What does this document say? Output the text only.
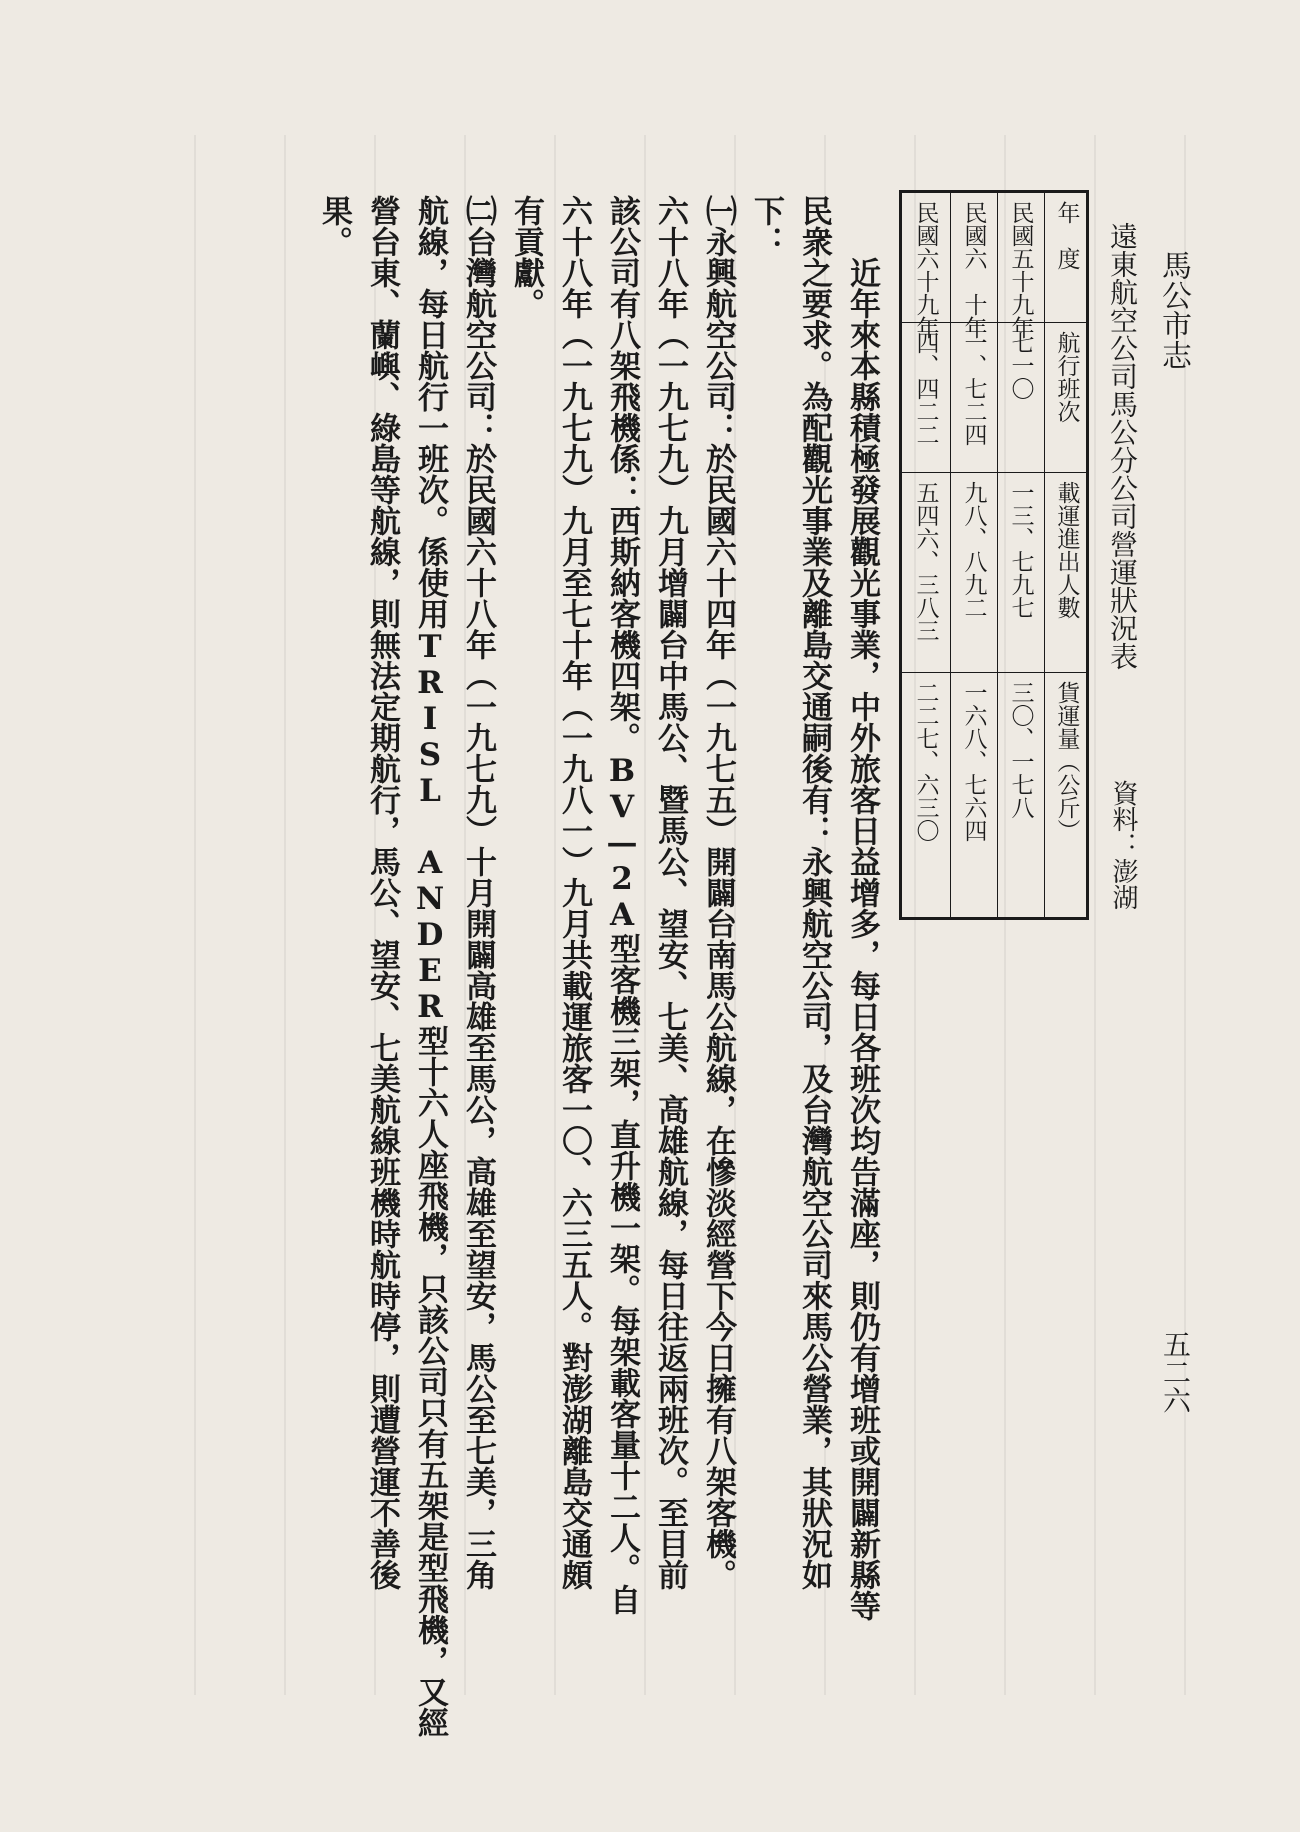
馬公市志
五二六
遠東航空公司馬公分公司營運狀況表
資料：澎湖
年　度
航行班次
載運進出人數
貨運量（公斤）
民國五十九年
七一〇
一三、七九七
三〇、一七八
民國六　十年
一、七二四
九八、八九二
一六八、七六四
民國六十九年
四、四二二
五四六、三八三
二二七、六三〇
　　近年來本縣積極發展觀光事業，中外旅客日益增多，每日各班次均告滿座，則仍有增班或開闢新縣等
民衆之要求。為配觀光事業及離島交通嗣後有：永興航空公司，及台灣航空公司來馬公營業，其狀況如
下：
㈠永興航空公司：於民國六十四年（一九七五）開闢台南馬公航線，在慘淡經營下今日擁有八架客機。
六十八年（一九七九）九月增闢台中馬公、暨馬公、望安、七美、高雄航線，每日往返兩班次。至目前
該公司有八架飛機係：西斯納客機四架。BV—2A型客機三架，直升機一架。每架載客量十二人。自
六十八年（一九七九）九月至七十年（一九八一）九月共載運旅客一〇、六三五人。對澎湖離島交通頗
有貢獻。
㈡台灣航空公司：於民國六十八年（一九七九）十月開闢高雄至馬公，高雄至望安，馬公至七美，三角
航線，每日航行一班次。係使用TRISL ANDER型十六人座飛機，只該公司只有五架是型飛機，又經
營台東、蘭嶼、綠島等航線，則無法定期航行，馬公、望安、七美航線班機時航時停，則遭營運不善後
果。
